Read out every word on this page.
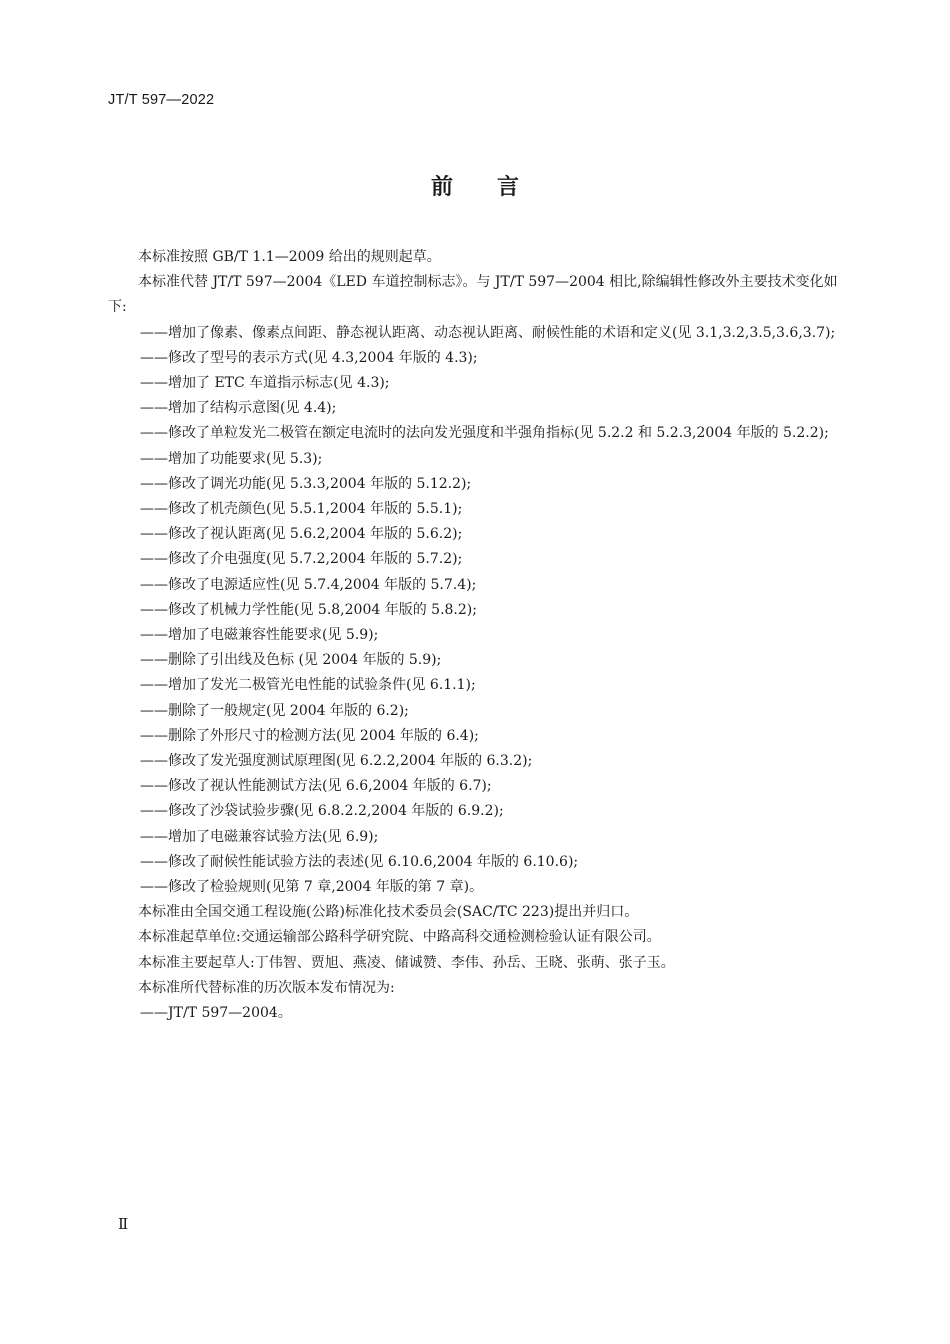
JT/T 597—2022
前 言

本标准按照 GB/T 1.1—2009 给出的规则起草。

本标准代替 JT/T 597—2004《LED 车道控制标志》。与 JT/T 597—2004 相比,除编辑性修改外主要技术变化如下:

——增加了像素、像素点间距、静态视认距离、动态视认距离、耐候性能的术语和定义(见 3.1,3.2,3.5,3.6,3.7);

——修改了型号的表示方式(见 4.3,2004 年版的 4.3);

——增加了 ETC 车道指示标志(见 4.3);

——增加了结构示意图(见 4.4);

——修改了单粒发光二极管在额定电流时的法向发光强度和半强角指标(见 5.2.2 和 5.2.3,2004 年版的 5.2.2);

——增加了功能要求(见 5.3);

——修改了调光功能(见 5.3.3,2004 年版的 5.12.2);

——修改了机壳颜色(见 5.5.1,2004 年版的 5.5.1);

——修改了视认距离(见 5.6.2,2004 年版的 5.6.2);

——修改了介电强度(见 5.7.2,2004 年版的 5.7.2);

——修改了电源适应性(见 5.7.4,2004 年版的 5.7.4);

——修改了机械力学性能(见 5.8,2004 年版的 5.8.2);

——增加了电磁兼容性能要求(见 5.9);

——删除了引出线及色标 (见 2004 年版的 5.9);

——增加了发光二极管光电性能的试验条件(见 6.1.1);

——删除了一般规定(见 2004 年版的 6.2);

——删除了外形尺寸的检测方法(见 2004 年版的 6.4);

——修改了发光强度测试原理图(见 6.2.2,2004 年版的 6.3.2);

——修改了视认性能测试方法(见 6.6,2004 年版的 6.7);

——修改了沙袋试验步骤(见 6.8.2.2,2004 年版的 6.9.2);

——增加了电磁兼容试验方法(见 6.9);

——修改了耐候性能试验方法的表述(见 6.10.6,2004 年版的 6.10.6);

——修改了检验规则(见第 7 章,2004 年版的第 7 章)。

本标准由全国交通工程设施(公路)标准化技术委员会(SAC/TC 223)提出并归口。

本标准起草单位:交通运输部公路科学研究院、中路高科交通检测检验认证有限公司。

本标准主要起草人:丁伟智、贾旭、燕凌、储诚赞、李伟、孙岳、王晓、张萌、张子玉。

本标准所代替标准的历次版本发布情况为:

——JT/T 597—2004。

Ⅱ
